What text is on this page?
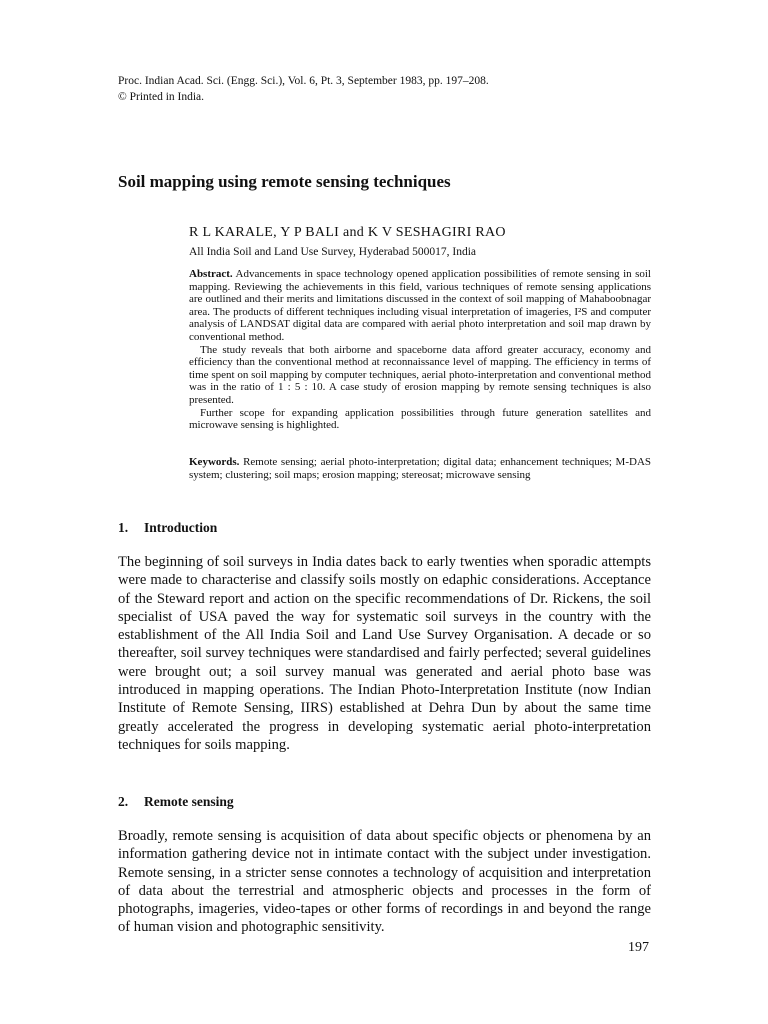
Proc. Indian Acad. Sci. (Engg. Sci.), Vol. 6, Pt. 3, September 1983, pp. 197–208.
© Printed in India.
Soil mapping using remote sensing techniques
R L KARALE, Y P BALI and K V SESHAGIRI RAO
All India Soil and Land Use Survey, Hyderabad 500017, India

Abstract. Advancements in space technology opened application possibilities of remote sensing in soil mapping. Reviewing the achievements in this field, various techniques of remote sensing applications are outlined and their merits and limitations discussed in the context of soil mapping of Mahaboobnagar area. The products of different techniques including visual interpretation of imageries, I²S and computer analysis of LANDSAT digital data are compared with aerial photo interpretation and soil map drawn by conventional method.

The study reveals that both airborne and spaceborne data afford greater accuracy, economy and efficiency than the conventional method at reconnaissance level of mapping. The efficiency in terms of time spent on soil mapping by computer techniques, aerial photo-interpretation and conventional method was in the ratio of 1 : 5 : 10. A case study of erosion mapping by remote sensing techniques is also presented.

Further scope for expanding application possibilities through future generation satellites and microwave sensing is highlighted.

Keywords. Remote sensing; aerial photo-interpretation; digital data; enhancement techniques; M-DAS system; clustering; soil maps; erosion mapping; stereosat; microwave sensing

1. Introduction

The beginning of soil surveys in India dates back to early twenties when sporadic attempts were made to characterise and classify soils mostly on edaphic considerations. Acceptance of the Steward report and action on the specific recommendations of Dr. Rickens, the soil specialist of USA paved the way for systematic soil surveys in the country with the establishment of the All India Soil and Land Use Survey Organisation. A decade or so thereafter, soil survey techniques were standardised and fairly perfected; several guidelines were brought out; a soil survey manual was generated and aerial photo base was introduced in mapping operations. The Indian Photo-Interpretation Institute (now Indian Institute of Remote Sensing, IIRS) established at Dehra Dun by about the same time greatly accelerated the progress in developing systematic aerial photo-interpretation techniques for soils mapping.

2. Remote sensing

Broadly, remote sensing is acquisition of data about specific objects or phenomena by an information gathering device not in intimate contact with the subject under investigation. Remote sensing, in a stricter sense connotes a technology of acquisition and interpretation of data about the terrestrial and atmospheric objects and processes in the form of photographs, imageries, video-tapes or other forms of recordings in and beyond the range of human vision and photographic sensitivity.

197
